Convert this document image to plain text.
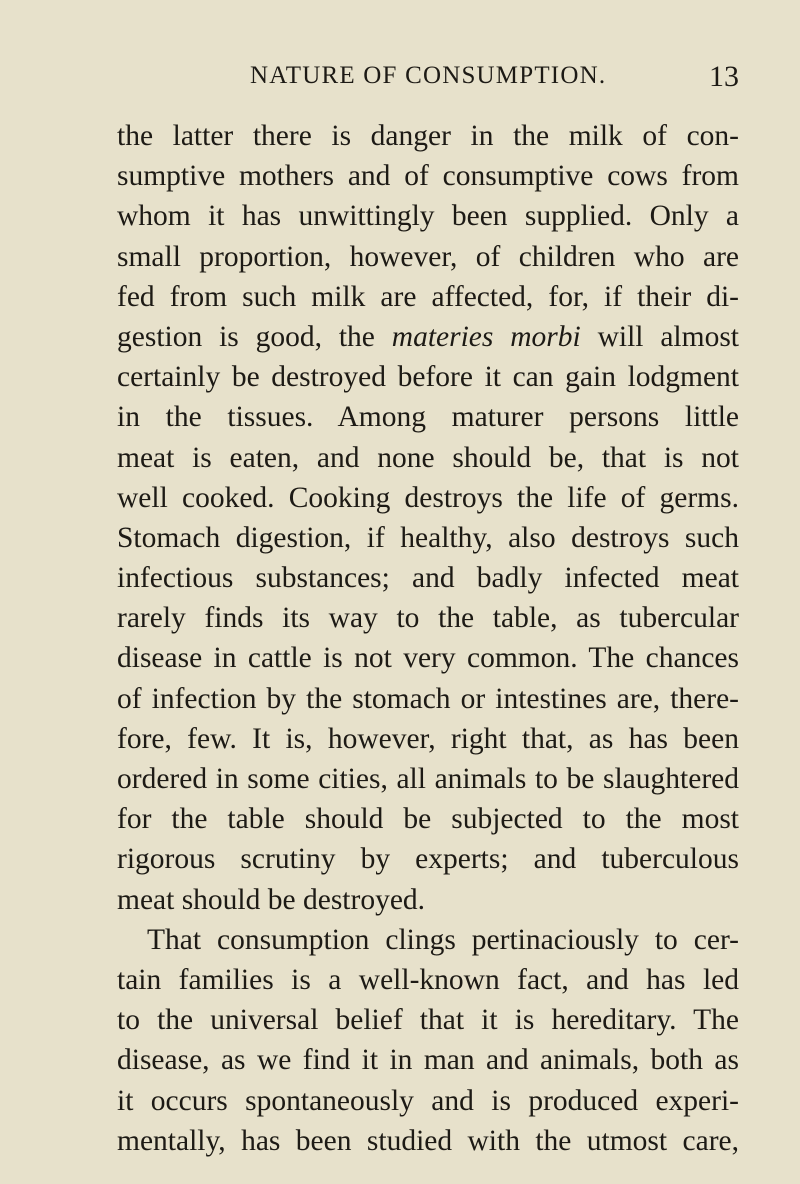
NATURE OF CONSUMPTION.	13
the latter there is danger in the milk of con-
sumptive mothers and of consumptive cows from
whom it has unwittingly been supplied. Only a
small proportion, however, of children who are
fed from such milk are affected, for, if their di-
gestion is good, the materies morbi will almost
certainly be destroyed before it can gain lodgment
in the tissues. Among maturer persons little
meat is eaten, and none should be, that is not
well cooked. Cooking destroys the life of germs.
Stomach digestion, if healthy, also destroys such
infectious substances; and badly infected meat
rarely finds its way to the table, as tubercular
disease in cattle is not very common. The chances
of infection by the stomach or intestines are, there-
fore, few. It is, however, right that, as has been
ordered in some cities, all animals to be slaughtered
for the table should be subjected to the most
rigorous scrutiny by experts; and tuberculous
meat should be destroyed.
That consumption clings pertinaciously to cer-
tain families is a well-known fact, and has led
to the universal belief that it is hereditary. The
disease, as we find it in man and animals, both as
it occurs spontaneously and is produced experi-
mentally, has been studied with the utmost care,
